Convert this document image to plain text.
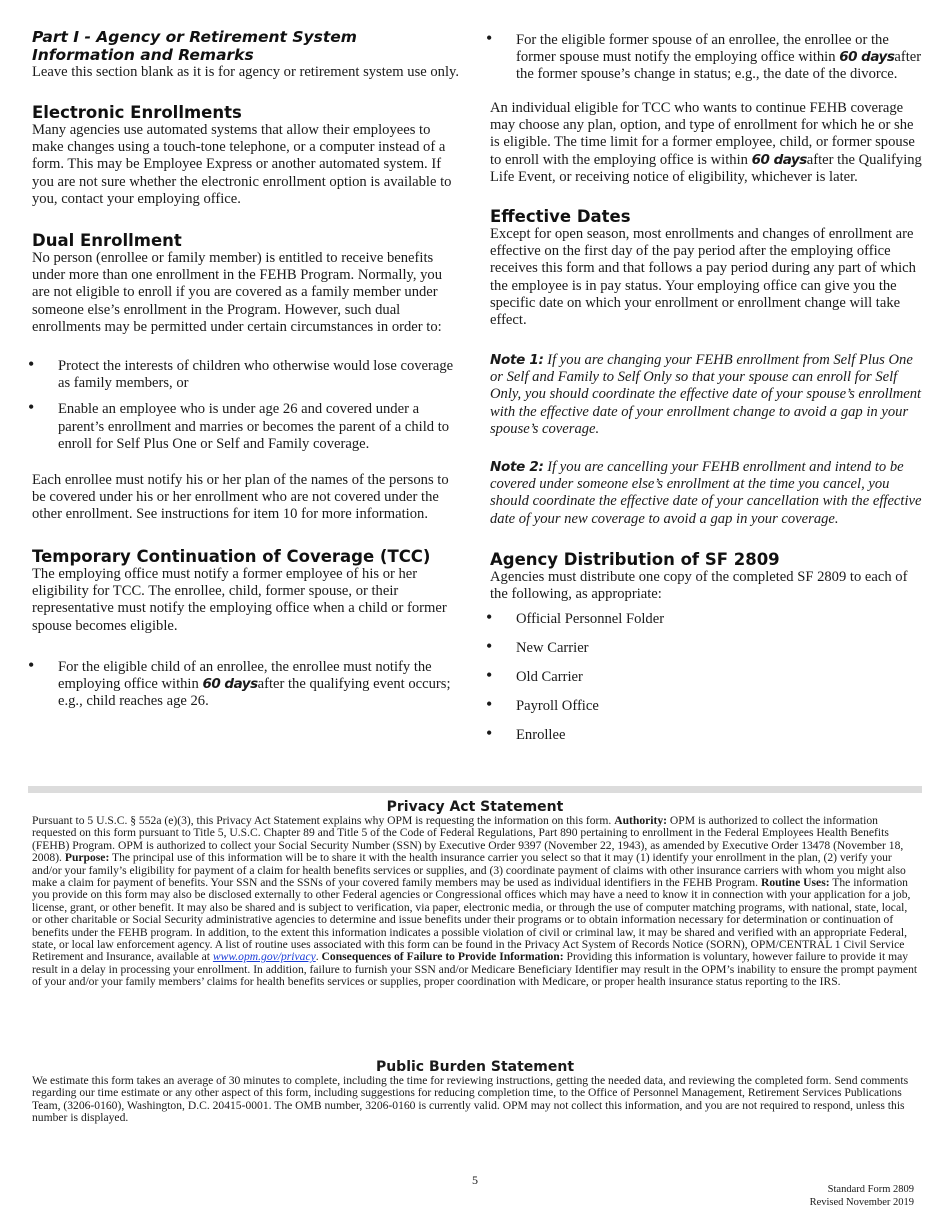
Part I - Agency or Retirement System Information and Remarks

Leave this section blank as it is for agency or retirement system use only.

Electronic Enrollments

Many agencies use automated systems that allow their employees to make changes using a touch-tone telephone, or a computer instead of a form. This may be Employee Express or another automated system. If you are not sure whether the electronic enrollment option is available to you, contact your employing office.

Dual Enrollment

No person (enrollee or family member) is entitled to receive benefits under more than one enrollment in the FEHB Program. Normally, you are not eligible to enroll if you are covered as a family member under someone else’s enrollment in the Program. However, such dual enrollments may be permitted under certain circumstances in order to:

• Protect the interests of children who otherwise would lose coverage as family members, or
• Enable an employee who is under age 26 and covered under a parent’s enrollment and marries or becomes the parent of a child to enroll for Self Plus One or Self and Family coverage.

Each enrollee must notify his or her plan of the names of the persons to be covered under his or her enrollment who are not covered under the other enrollment. See instructions for item 10 for more information.

Temporary Continuation of Coverage (TCC)

The employing office must notify a former employee of his or her eligibility for TCC. The enrollee, child, former spouse, or their representative must notify the employing office when a child or former spouse becomes eligible.

• For the eligible child of an enrollee, the enrollee must notify the employing office within 60 daysafter the qualifying event occurs; e.g., child reaches age 26.
• For the eligible former spouse of an enrollee, the enrollee or the former spouse must notify the employing office within 60 daysafter the former spouse’s change in status; e.g., the date of the divorce.

An individual eligible for TCC who wants to continue FEHB coverage may choose any plan, option, and type of enrollment for which he or she is eligible. The time limit for a former employee, child, or former spouse to enroll with the employing office is within 60 daysafter the Qualifying Life Event, or receiving notice of eligibility, whichever is later.

Effective Dates

Except for open season, most enrollments and changes of enrollment are effective on the first day of the pay period after the employing office receives this form and that follows a pay period during any part of which the employee is in pay status. Your employing office can give you the specific date on which your enrollment or enrollment change will take effect.

Note 1: If you are changing your FEHB enrollment from Self Plus One or Self and Family to Self Only so that your spouse can enroll for Self Only, you should coordinate the effective date of your spouse’s enrollment with the effective date of your enrollment change to avoid a gap in your spouse’s coverage.

Note 2: If you are cancelling your FEHB enrollment and intend to be covered under someone else’s enrollment at the time you cancel, you should coordinate the effective date of your cancellation with the effective date of your new coverage to avoid a gap in your coverage.

Agency Distribution of SF 2809

Agencies must distribute one copy of the completed SF 2809 to each of the following, as appropriate:

• Official Personnel Folder
• New Carrier
• Old Carrier
• Payroll Office
• Enrollee
Privacy Act Statement

Pursuant to 5 U.S.C. § 552a (e)(3), this Privacy Act Statement explains why OPM is requesting the information on this form. Authority: OPM is authorized to collect the information requested on this form pursuant to Title 5, U.S.C. Chapter 89 and Title 5 of the Code of Federal Regulations, Part 890 pertaining to enrollment in the Federal Employees Health Benefits (FEHB) Program. OPM is authorized to collect your Social Security Number (SSN) by Executive Order 9397 (November 22, 1943), as amended by Executive Order 13478 (November 18, 2008). Purpose: The principal use of this information will be to share it with the health insurance carrier you select so that it may (1) identify your enrollment in the plan, (2) verify your and/or your family’s eligibility for payment of a claim for health benefits services or supplies, and (3) coordinate payment of claims with other insurance carriers with whom you might also make a claim for payment of benefits. Your SSN and the SSNs of your covered family members may be used as individual identifiers in the FEHB Program. Routine Uses: The information you provide on this form may also be disclosed externally to other Federal agencies or Congressional offices which may have a need to know it in connection with your application for a job, license, grant, or other benefit. It may also be shared and is subject to verification, via paper, electronic media, or through the use of computer matching programs, with national, state, local, or other charitable or Social Security administrative agencies to determine and issue benefits under their programs or to obtain information necessary for determination or continuation of benefits under the FEHB program. In addition, to the extent this information indicates a possible violation of civil or criminal law, it may be shared and verified with an appropriate Federal, state, or local law enforcement agency. A list of routine uses associated with this form can be found in the Privacy Act System of Records Notice (SORN), OPM/CENTRAL 1 Civil Service Retirement and Insurance, available at www.opm.gov/privacy. Consequences of Failure to Provide Information: Providing this information is voluntary, however failure to provide it may result in a delay in processing your enrollment. In addition, failure to furnish your SSN and/or Medicare Beneficiary Identifier may result in the OPM’s inability to ensure the prompt payment of your and/or your family members’ claims for health benefits services or supplies, proper coordination with Medicare, or proper health insurance status reporting to the IRS.

Public Burden Statement

We estimate this form takes an average of 30 minutes to complete, including the time for reviewing instructions, getting the needed data, and reviewing the completed form. Send comments regarding our time estimate or any other aspect of this form, including suggestions for reducing completion time, to the Office of Personnel Management, Retirement Services Publications Team, (3206-0160), Washington, D.C. 20415-0001. The OMB number, 3206-0160 is currently valid. OPM may not collect this information, and you are not required to respond, unless this number is displayed.

5
Standard Form 2809
Revised November 2019
